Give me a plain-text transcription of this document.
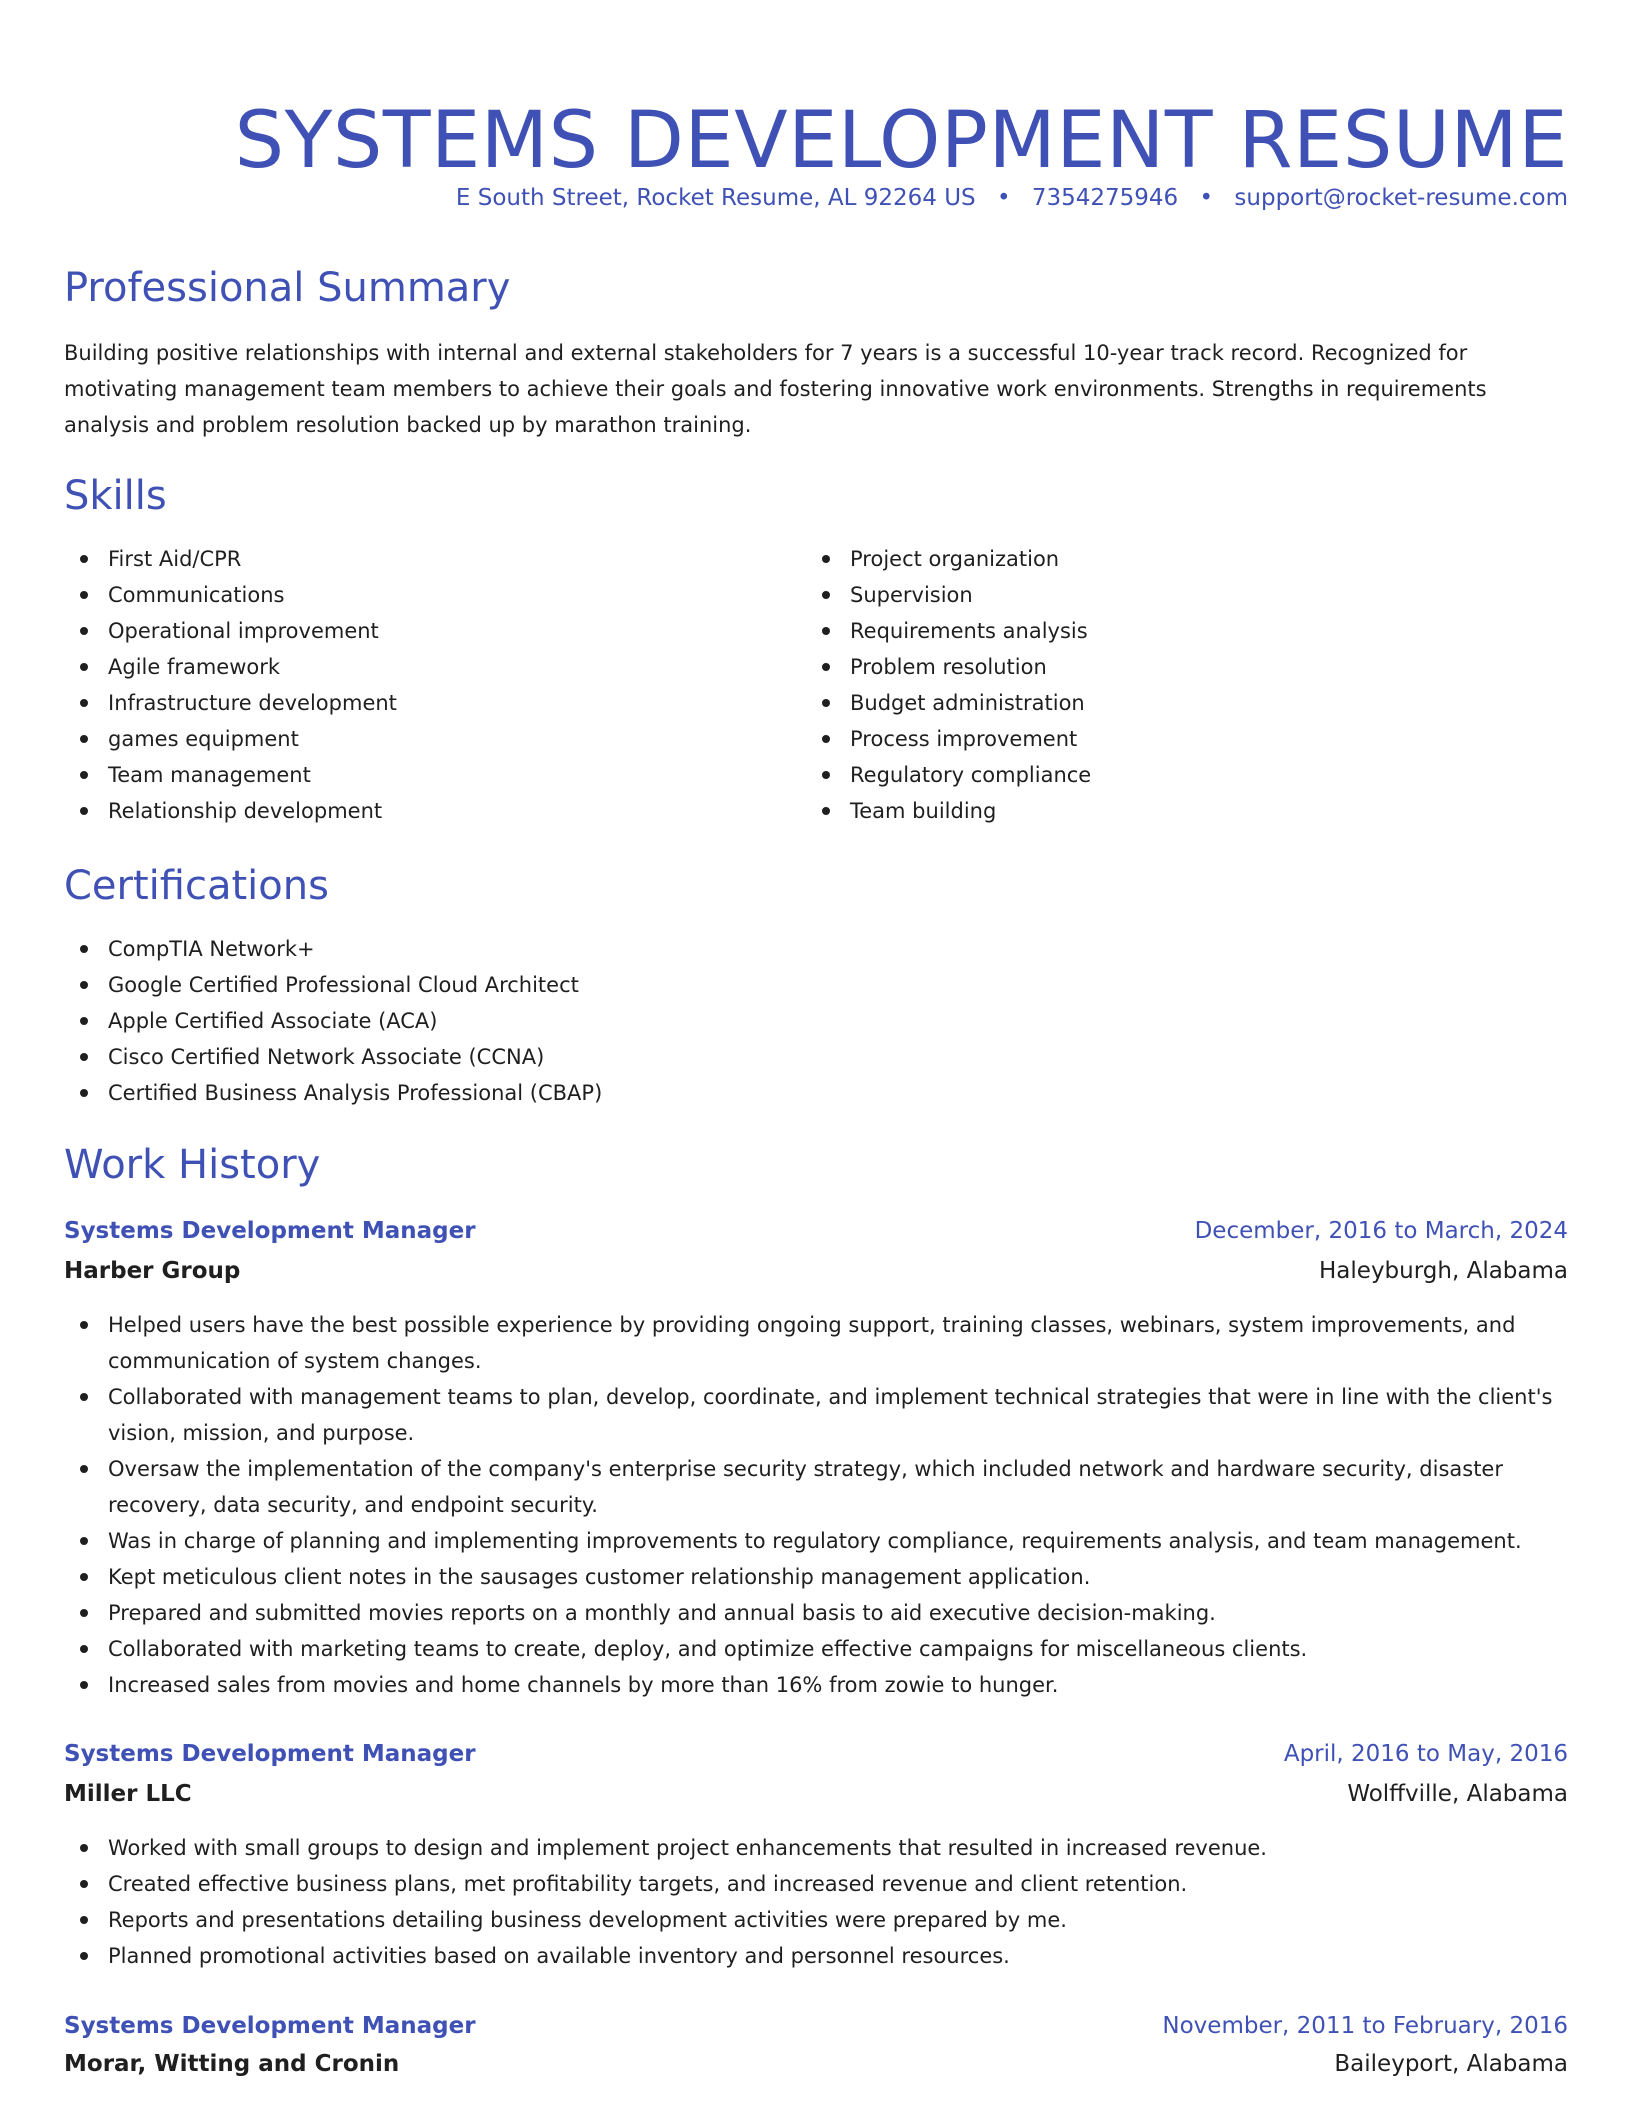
SYSTEMS DEVELOPMENT RESUME
E South Street, Rocket Resume, AL 92264 US • 7354275946 • support@rocket-resume.com
Professional Summary

Building positive relationships with internal and external stakeholders for 7 years is a successful 10-year track record. Recognized for motivating management team members to achieve their goals and fostering innovative work environments. Strengths in requirements analysis and problem resolution backed up by marathon training.

Skills
First Aid/CPR
Communications
Operational improvement
Agile framework
Infrastructure development
games equipment
Team management
Relationship development
Project organization
Supervision
Requirements analysis
Problem resolution
Budget administration
Process improvement
Regulatory compliance
Team building
Certifications
CompTIA Network+
Google Certified Professional Cloud Architect
Apple Certified Associate (ACA)
Cisco Certified Network Associate (CCNA)
Certified Business Analysis Professional (CBAP)
Work History
Systems Development Manager	December, 2016 to March, 2024
Harber Group	Haleyburgh, Alabama
Helped users have the best possible experience by providing ongoing support, training classes, webinars, system improvements, and communication of system changes.
Collaborated with management teams to plan, develop, coordinate, and implement technical strategies that were in line with the client's vision, mission, and purpose.
Oversaw the implementation of the company's enterprise security strategy, which included network and hardware security, disaster recovery, data security, and endpoint security.
Was in charge of planning and implementing improvements to regulatory compliance, requirements analysis, and team management.
Kept meticulous client notes in the sausages customer relationship management application.
Prepared and submitted movies reports on a monthly and annual basis to aid executive decision-making.
Collaborated with marketing teams to create, deploy, and optimize effective campaigns for miscellaneous clients.
Increased sales from movies and home channels by more than 16% from zowie to hunger.
Systems Development Manager	April, 2016 to May, 2016
Miller LLC	Wolffville, Alabama
Worked with small groups to design and implement project enhancements that resulted in increased revenue.
Created effective business plans, met profitability targets, and increased revenue and client retention.
Reports and presentations detailing business development activities were prepared by me.
Planned promotional activities based on available inventory and personnel resources.
Systems Development Manager	November, 2011 to February, 2016
Morar, Witting and Cronin	Baileyport, Alabama
